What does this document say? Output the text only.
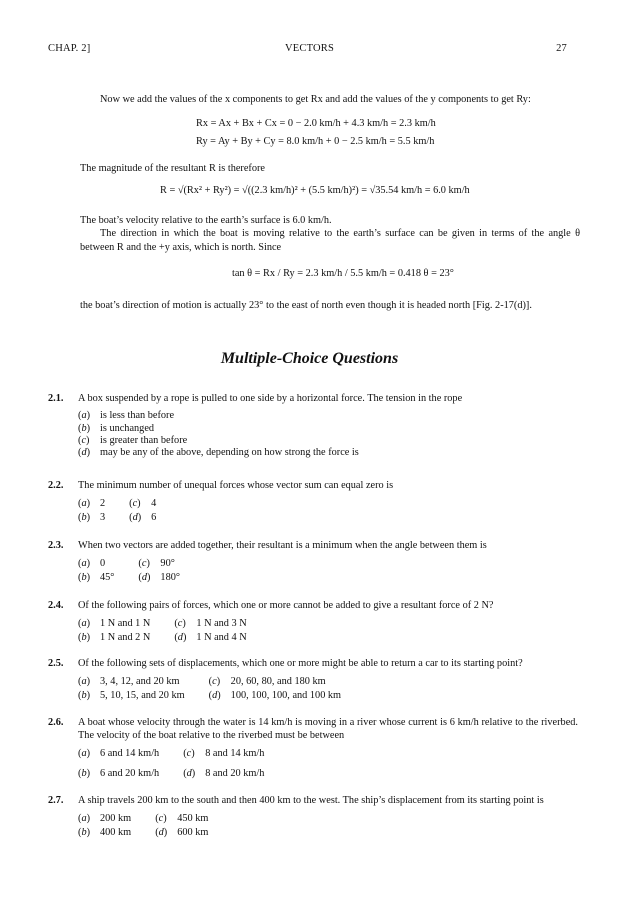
CHAP. 2]	VECTORS	27
Now we add the values of the x components to get Rx and add the values of the y components to get Ry:
Rx = Ax + Bx + Cx = 0 − 2.0 km/h + 4.3 km/h = 2.3 km/h
Ry = Ay + By + Cy = 8.0 km/h + 0 − 2.5 km/h = 5.5 km/h
The magnitude of the resultant R is therefore
R = √(Rx² + Ry²) = √((2.3 km/h)² + (5.5 km/h)²) = √35.54 km/h = 6.0 km/h
The boat’s velocity relative to the earth’s surface is 6.0 km/h.
The direction in which the boat is moving relative to the earth’s surface can be given in terms of the angle θ between R and the +y axis, which is north. Since
tan θ = Rx / Ry = 2.3 km/h / 5.5 km/h = 0.418 θ = 23°
the boat’s direction of motion is actually 23° to the east of north even though it is headed north [Fig. 2-17(d)].
Multiple-Choice Questions
2.1. A box suspended by a rope is pulled to one side by a horizontal force. The tension in the rope
(a) is less than before
(b) is unchanged
(c) is greater than before
(d) may be any of the above, depending on how strong the force is
2.2. The minimum number of unequal forces whose vector sum can equal zero is
(a) 2 (c) 4
(b) 3 (d) 6
2.3. When two vectors are added together, their resultant is a minimum when the angle between them is
(a) 0	(c) 90°
(b) 45° (d) 180°
2.4. Of the following pairs of forces, which one or more cannot be added to give a resultant force of 2 N?
(a) 1 N and 1 N (c) 1 N and 3 N
(b) 1 N and 2 N (d) 1 N and 4 N
2.5. Of the following sets of displacements, which one or more might be able to return a car to its starting point?
(a) 3, 4, 12, and 20 km	(c) 20, 60, 80, and 180 km
(b) 5, 10, 15, and 20 km (d) 100, 100, 100, and 100 km
2.6. A boat whose velocity through the water is 14 km/h is moving in a river whose current is 6 km/h relative to the riverbed. The velocity of the boat relative to the riverbed must be between
(a) 6 and 14 km/h (c) 8 and 14 km/h
(b) 6 and 20 km/h (d) 8 and 20 km/h
2.7. A ship travels 200 km to the south and then 400 km to the west. The ship’s displacement from its starting point is
(a) 200 km (c) 450 km
(b) 400 km (d) 600 km
